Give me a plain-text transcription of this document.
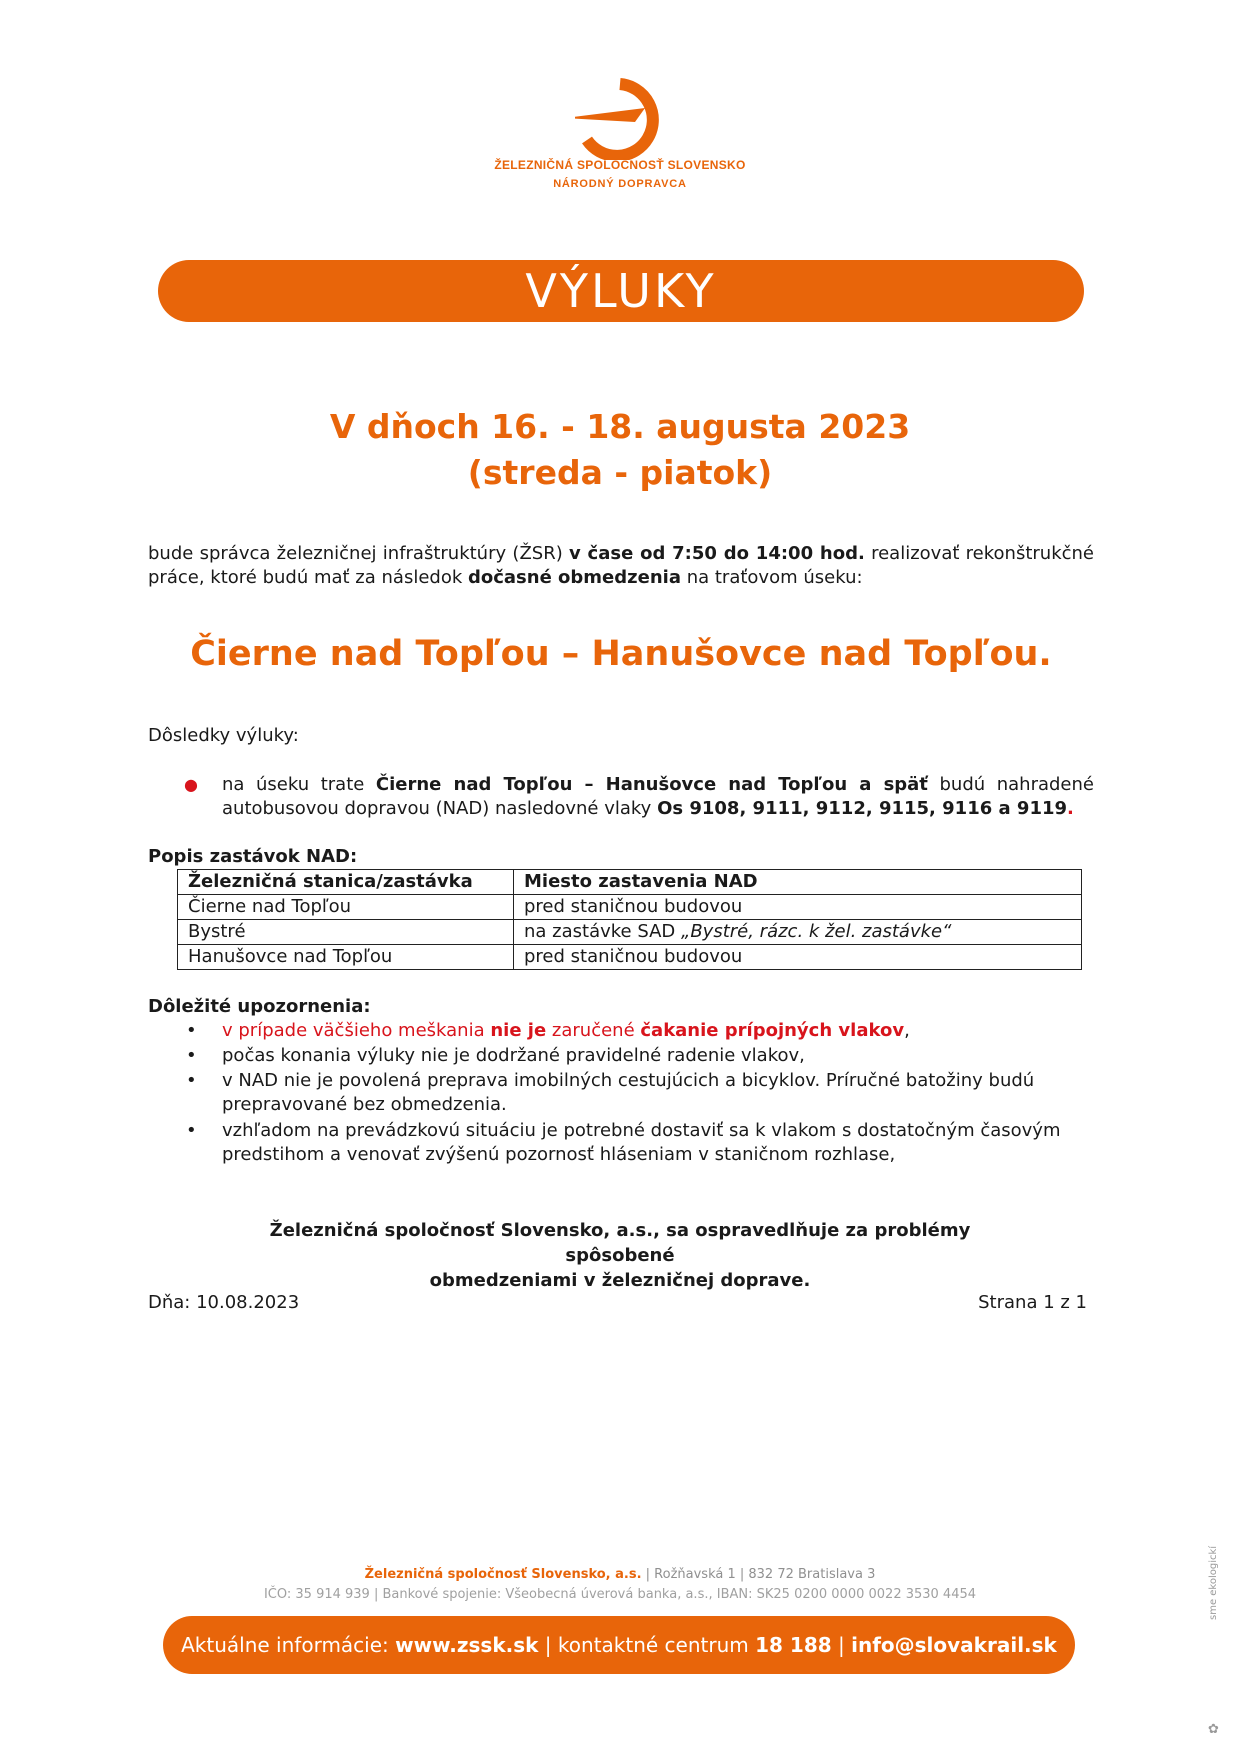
ŽELEZNIČNÁ SPOLOČNOSŤ SLOVENSKO
NÁRODNÝ DOPRAVCA
VÝLUKY
V dňoch 16. - 18. augusta 2023
(streda - piatok)
bude správca železničnej infraštruktúry (ŽSR) v čase od 7:50 do 14:00 hod. realizovať rekonštrukčné práce, ktoré budú mať za následok dočasné obmedzenia na traťovom úseku:
Čierne nad Topľou – Hanušovce nad Topľou.
Dôsledky výluky:
● na úseku trate Čierne nad Topľou – Hanušovce nad Topľou a späť budú nahradené autobusovou dopravou (NAD) nasledovné vlaky Os 9108, 9111, 9112, 9115, 9116 a 9119.
Popis zastávok NAD:
Železničná stanica/zastávka	Miesto zastavenia NAD
Čierne nad Topľou	pred staničnou budovou
Bystré	na zastávke SAD „Bystré, rázc. k žel. zastávke“
Hanušovce nad Topľou	pred staničnou budovou
Dôležité upozornenia:
• v prípade väčšieho meškania nie je zaručené čakanie prípojných vlakov,
• počas konania výluky nie je dodržané pravidelné radenie vlakov,
• v NAD nie je povolená preprava imobilných cestujúcich a bicyklov. Príručné batožiny budú prepravované bez obmedzenia.
• vzhľadom na prevádzkovú situáciu je potrebné dostaviť sa k vlakom s dostatočným časovým predstihom a venovať zvýšenú pozornosť hláseniam v staničnom rozhlase,
Železničná spoločnosť Slovensko, a.s., sa ospravedlňuje za problémy spôsobené
obmedzeniami v železničnej doprave.
Dňa: 10.08.2023	Strana 1 z 1
Železničná spoločnosť Slovensko, a.s. | Rožňavská 1 | 832 72 Bratislava 3
IČO: 35 914 939 | Bankové spojenie: Všeobecná úverová banka, a.s., IBAN: SK25 0200 0000 0022 3530 4454
Aktuálne informácie: www.zssk.sk | kontaktné centrum 18 188 | info@slovakrail.sk
sme ekologickí
✿
